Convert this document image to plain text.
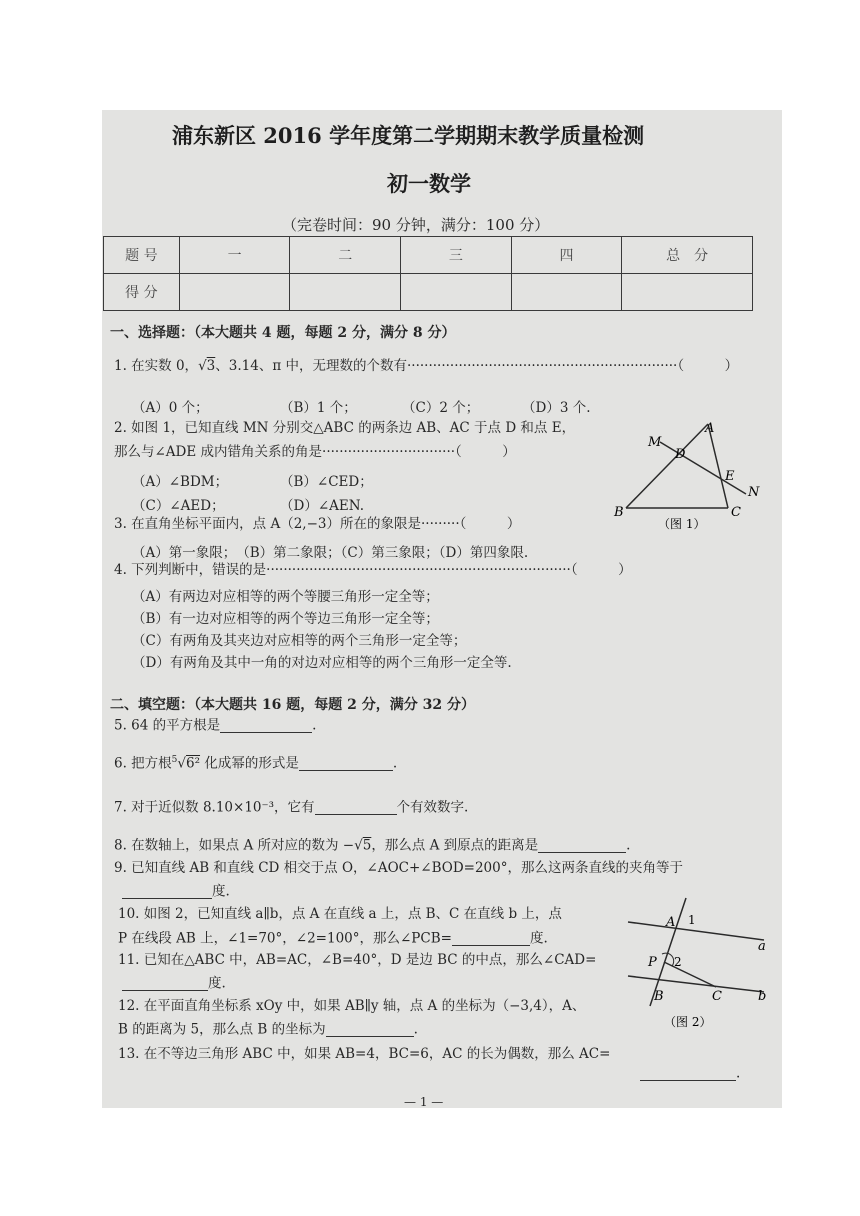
浦东新区 2016 学年度第二学期期末教学质量检测
初一数学
（完卷时间：90 分钟，满分：100 分）
题 号	一	二	三	四	总　分
得 分					
一、选择题：（本大题共 4 题，每题 2 分，满分 8 分）
1. 在实数 0，√3、3.14、π 中，无理数的个数有·······························································（　　　）
（A）0 个；	（B）1 个；	（C）2 个；	（D）3 个.
2. 如图 1，已知直线 MN 分别交△ABC 的两条边 AB、AC 于点 D 和点 E，
那么与∠ADE 成内错角关系的角是·······························（　　　）
（A）∠BDM；	（B）∠CED；
（C）∠AED；	（D）∠AEN.
M
A
D
E
N
B	C
（图 1）
3. 在直角坐标平面内，点 A（2,−3）所在的象限是·········（　　　）
（A）第一象限；　（B）第二象限；（C）第三象限；（D）第四象限.
4. 下列判断中，错误的是·······································································（　　　）
（A）有两边对应相等的两个等腰三角形一定全等；
（B）有一边对应相等的两个等边三角形一定全等；
（C）有两角及其夹边对应相等的两个三角形一定全等；
（D）有两角及其中一角的对边对应相等的两个三角形一定全等.
二、填空题：（本大题共 16 题，每题 2 分，满分 32 分）
5. 64 的平方根是	.
6. 把方根$^5$√6² 化成幂的形式是	.
7. 对于近似数 8.10×10⁻³，它有	个有效数字.
8. 在数轴上，如果点 A 所对应的数为 −√5，那么点 A 到原点的距离是	.
9. 已知直线 AB 和直线 CD 相交于点 O，∠AOC+∠BOD=200°，那么这两条直线的夹角等于
度.
10. 如图 2，已知直线 a∥b，点 A 在直线 a 上，点 B、C 在直线 b 上，点
P 在线段 AB 上，∠1=70°，∠2=100°，那么∠PCB=	度.
11. 已知在△ABC 中，AB=AC，∠B=40°，D 是边 BC 的中点，那么∠CAD=
度.
12. 在平面直角坐标系 xOy 中，如果 AB∥y 轴，点 A 的坐标为（−3,4），A、
B 的距离为 5，那么点 B 的坐标为	.
13. 在不等边三角形 ABC 中，如果 AB=4，BC=6，AC 的长为偶数，那么 AC=
.
A 1
a
P 2
B	C	b
（图 2）
— 1 —
